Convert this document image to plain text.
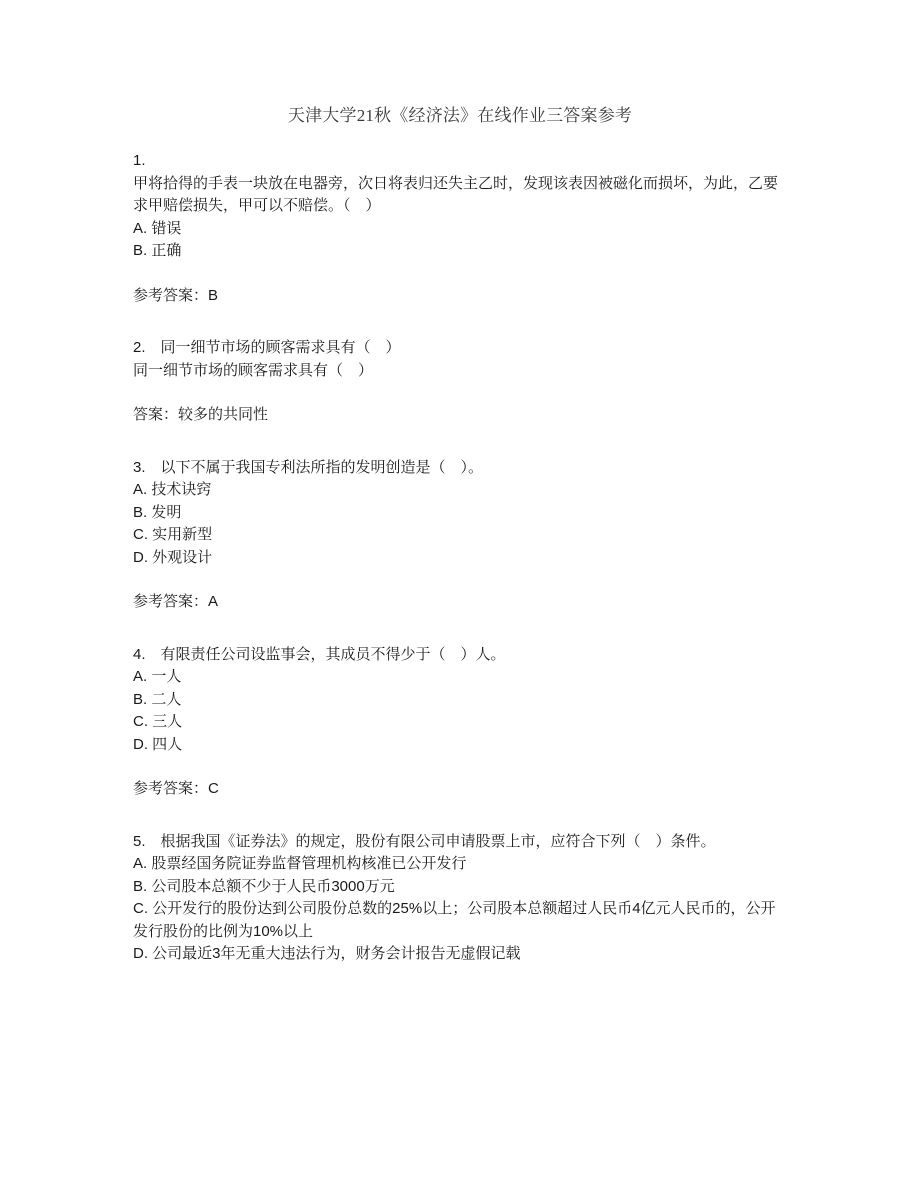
天津大学21秋《经济法》在线作业三答案参考
1.
甲将拾得的手表一块放在电器旁，次日将表归还失主乙时，发现该表因被磁化而损坏，为此，乙要求甲赔偿损失，甲可以不赔偿。（　）
A. 错误
B. 正确
参考答案：B
2.　同一细节市场的顾客需求具有（　）
同一细节市场的顾客需求具有（　）
答案：较多的共同性
3.　以下不属于我国专利法所指的发明创造是（　）。
A. 技术诀窍
B. 发明
C. 实用新型
D. 外观设计
参考答案：A
4.　有限责任公司设监事会，其成员不得少于（　）人。
A. 一人
B. 二人
C. 三人
D. 四人
参考答案：C
5.　根据我国《证券法》的规定，股份有限公司申请股票上市，应符合下列（　）条件。
A. 股票经国务院证券监督管理机构核准已公开发行
B. 公司股本总额不少于人民币3000万元
C. 公开发行的股份达到公司股份总数的25%以上；公司股本总额超过人民币4亿元人民币的，公开发行股份的比例为10%以上
D. 公司最近3年无重大违法行为，财务会计报告无虚假记载
